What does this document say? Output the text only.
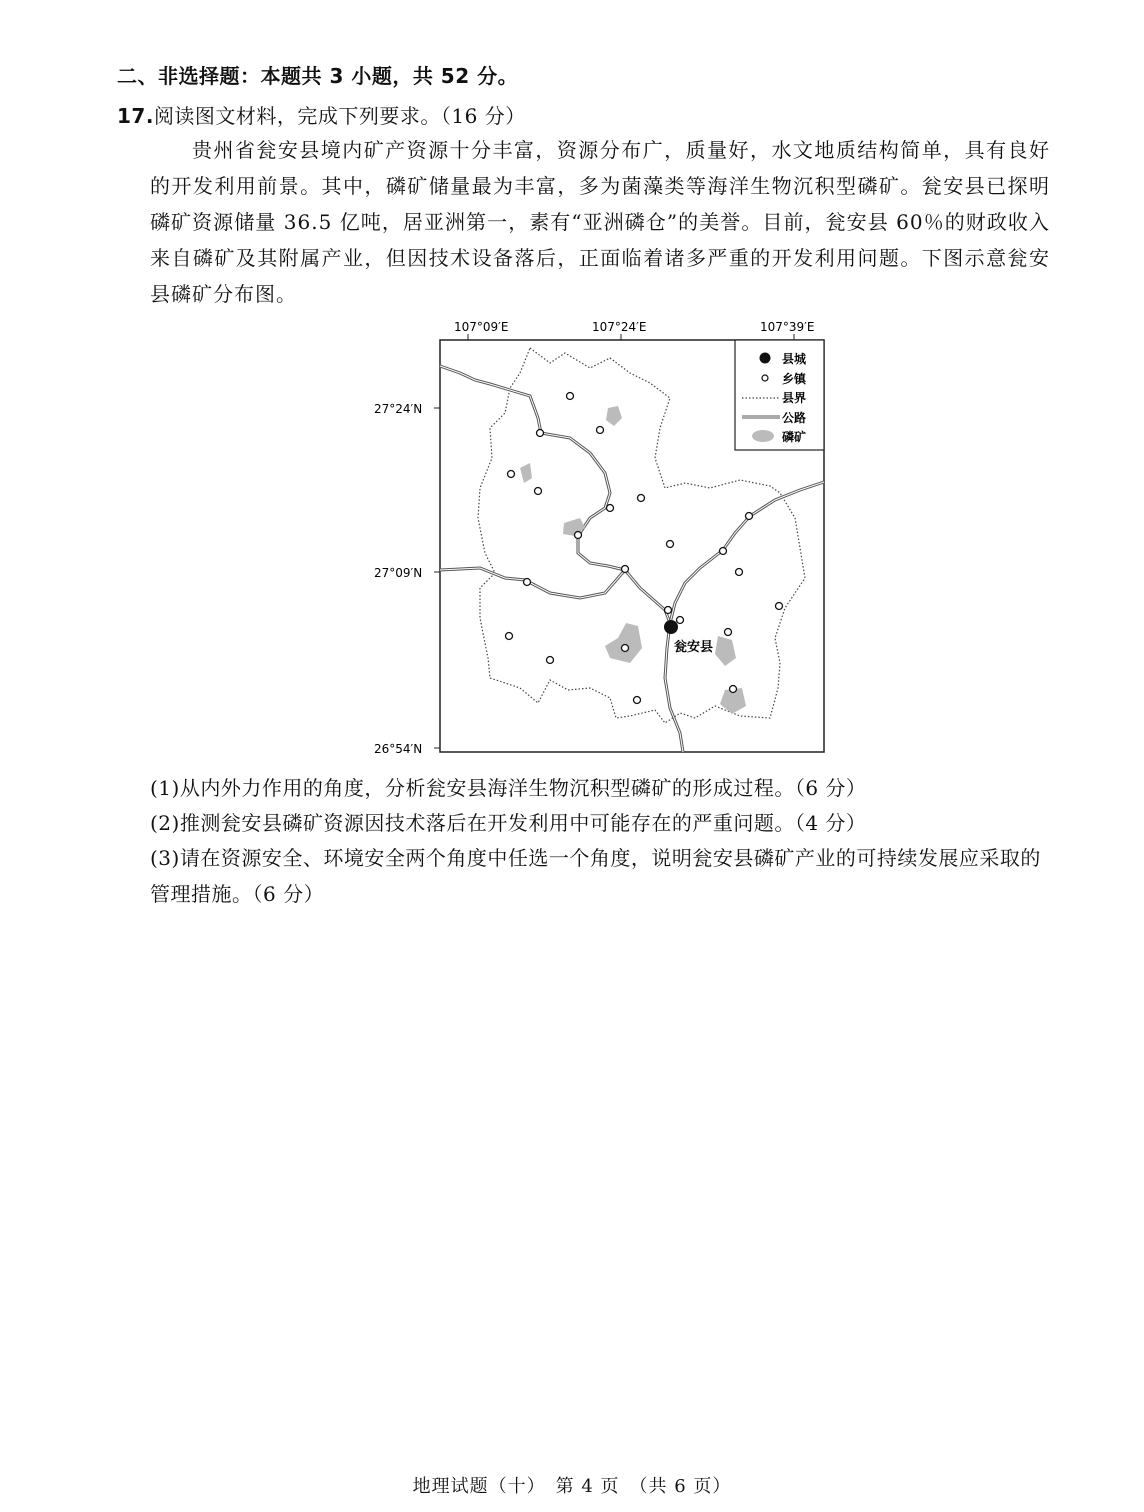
二、非选择题：本题共 3 小题，共 52 分。
17.阅读图文材料，完成下列要求。（16 分）
贵州省瓮安县境内矿产资源十分丰富，资源分布广，质量好，水文地质结构简单，具有良好的开发利用前景。其中，磷矿储量最为丰富，多为菌藻类等海洋生物沉积型磷矿。瓮安县已探明磷矿资源储量 36.5 亿吨，居亚洲第一，素有“亚洲磷仓”的美誉。目前，瓮安县 60％的财政收入来自磷矿及其附属产业，但因技术设备落后，正面临着诸多严重的开发利用问题。下图示意瓮安县磷矿分布图。
107°09′E	107°24′E	107°39′E
27°24′N
27°09′N
26°54′N
瓮安县
县城
乡镇
县界
公路
磷矿
(1)从内外力作用的角度，分析瓮安县海洋生物沉积型磷矿的形成过程。（6 分）
(2)推测瓮安县磷矿资源因技术落后在开发利用中可能存在的严重问题。（4 分）
(3)请在资源安全、环境安全两个角度中任选一个角度，说明瓮安县磷矿产业的可持续发展应采取的管理措施。（6 分）
地理试题（十）　第 4 页　（共 6 页）
